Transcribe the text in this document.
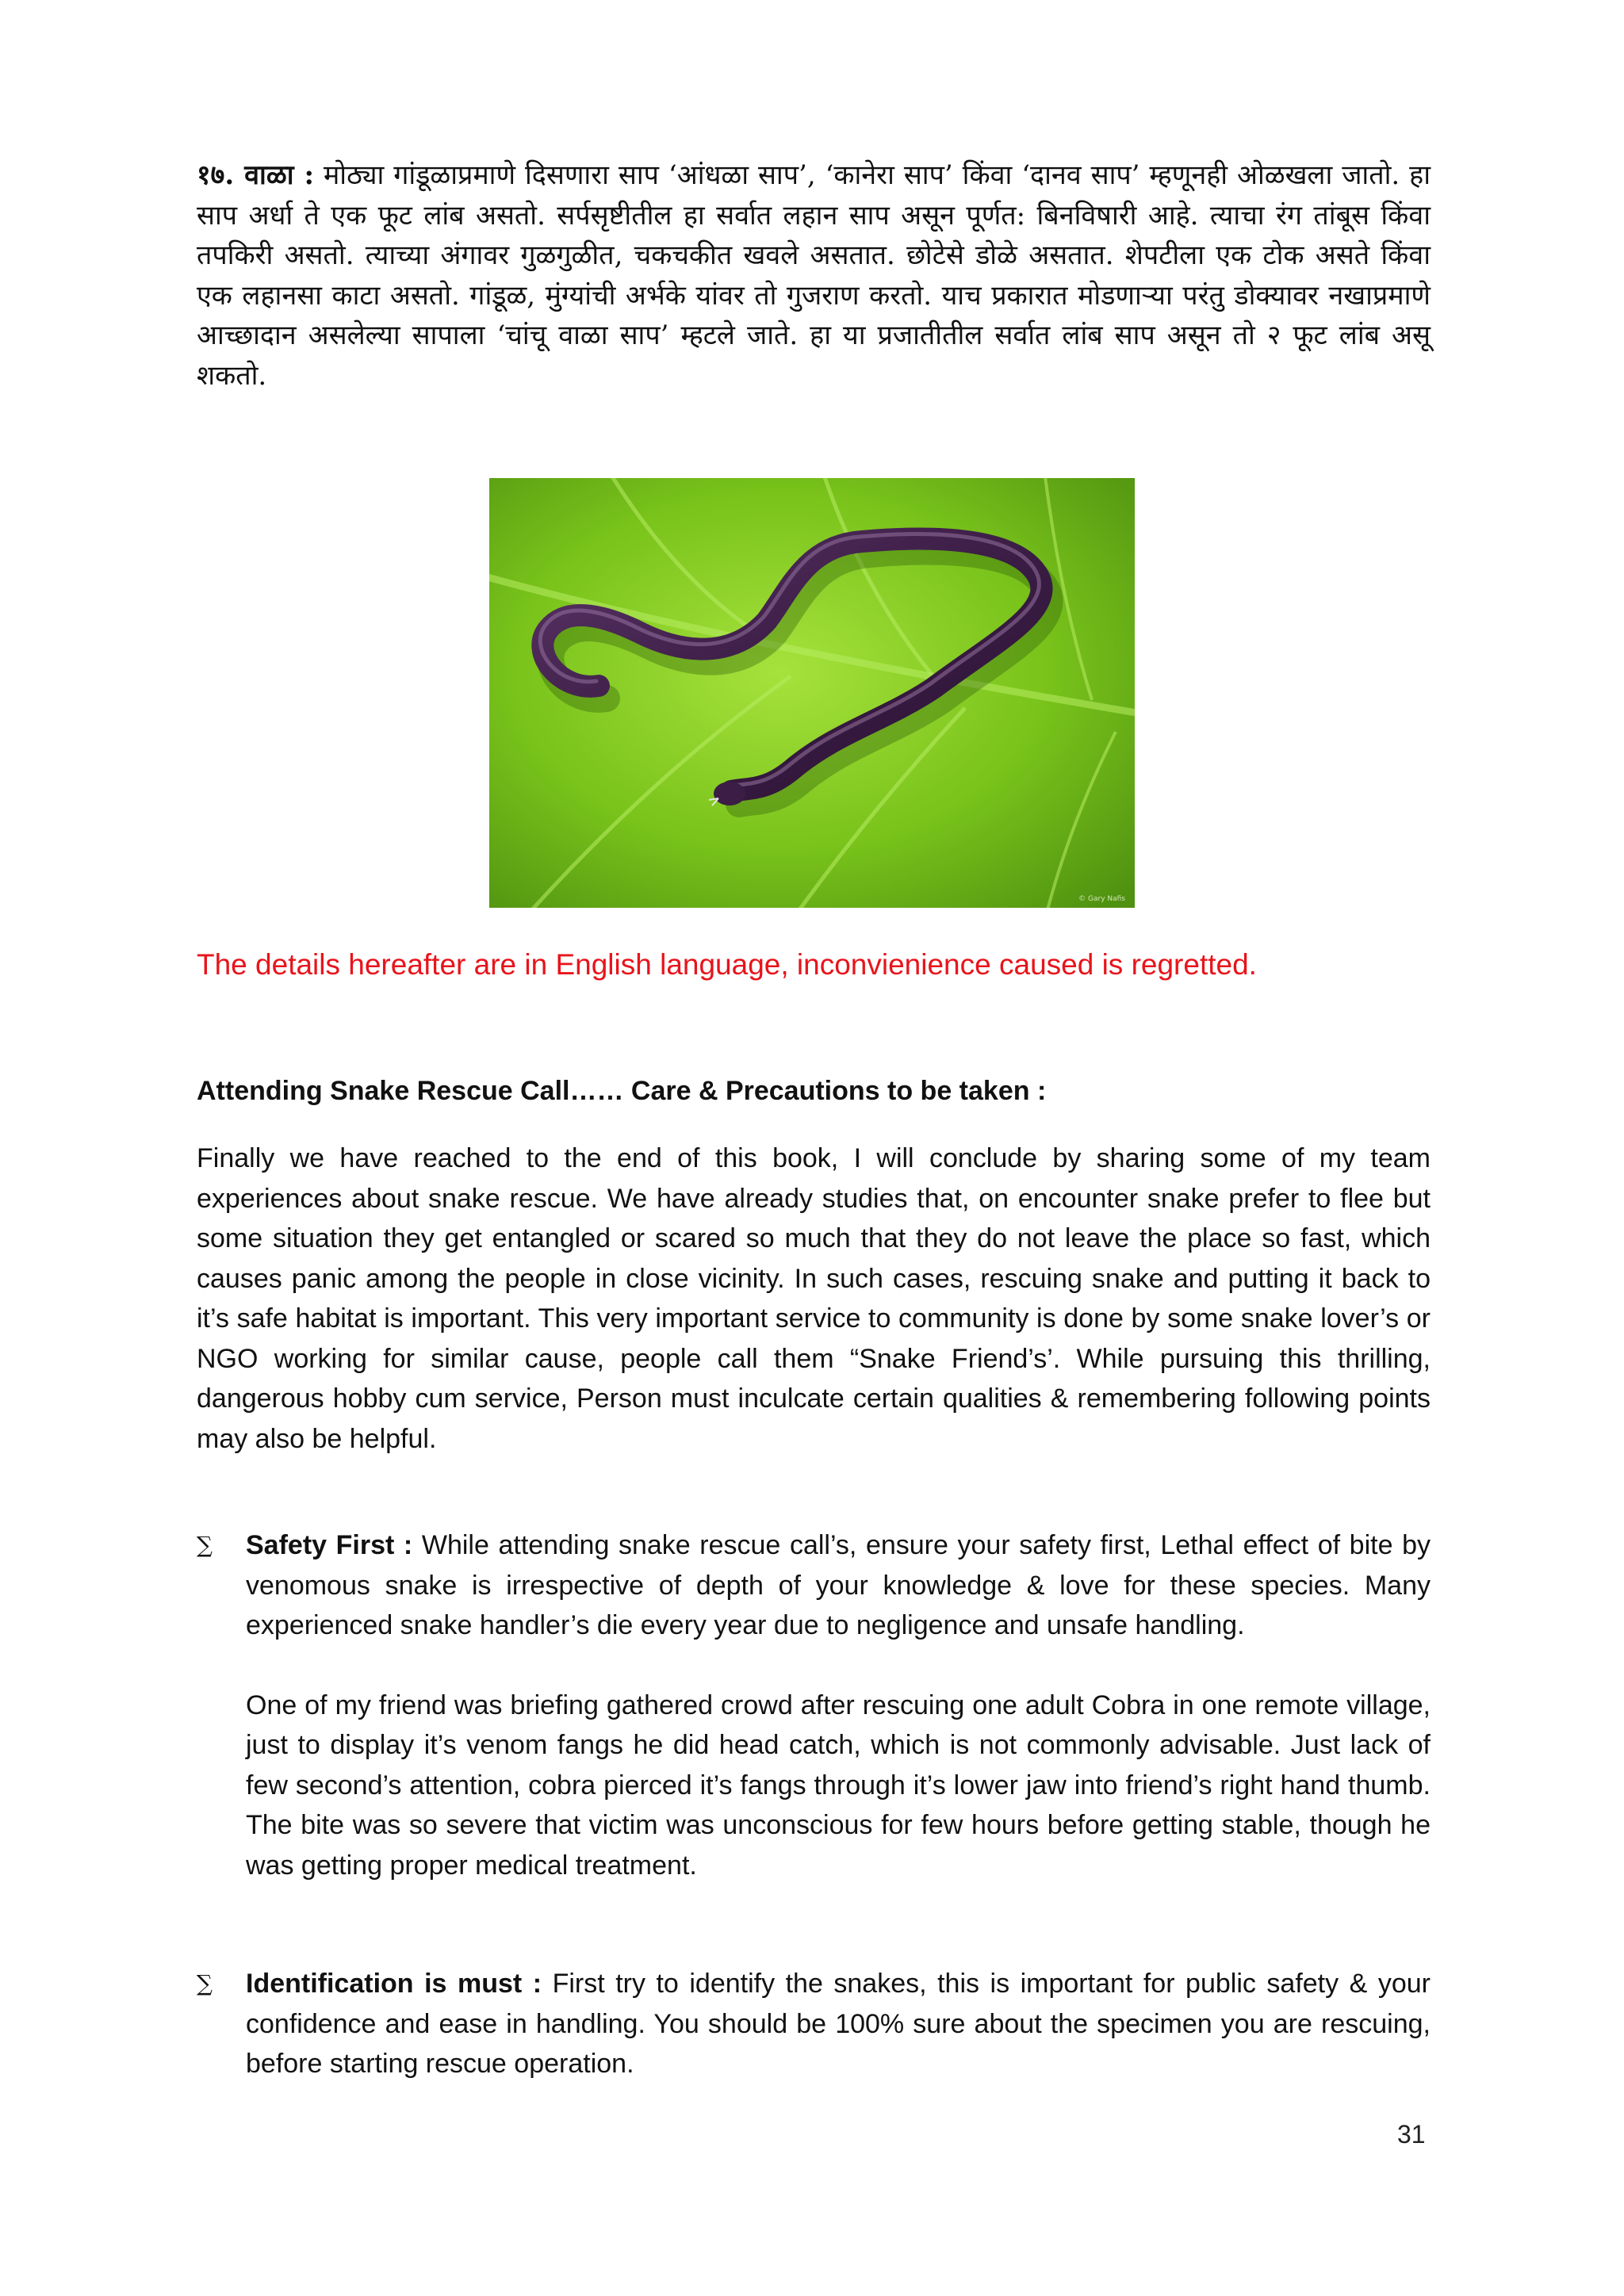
१७. वाळा : मोठ्या गांडूळाप्रमाणे दिसणारा साप ‘आंधळा साप’, ‘कानेरा साप’ किंवा ‘दानव साप’ म्हणूनही ओळखला जातो. हा साप अर्धा ते एक फूट लांब असतो. सर्पसृष्टीतील हा सर्वात लहान साप असून पूर्णत: बिनविषारी आहे. त्याचा रंग तांबूस किंवा तपकिरी असतो. त्याच्या अंगावर गुळगुळीत, चकचकीत खवले असतात. छोटेसे डोळे असतात. शेपटीला एक टोक असते किंवा एक लहानसा काटा असतो. गांडूळ, मुंग्यांची अर्भके यांवर तो गुजराण करतो. याच प्रकारात मोडणाऱ्या परंतु डोक्यावर नखाप्रमाणे आच्छादान असलेल्या सापाला ‘चांचू वाळा साप’ म्हटले जाते. हा या प्रजातीतील सर्वात लांब साप असून तो २ फूट लांब असू शकतो.

© Gary Nafis

The details hereafter are in English language, inconvienience caused is regretted.

Attending Snake Rescue Call…… Care & Precautions to be taken :

Finally we have reached to the end of this book, I will conclude by sharing some of my team experiences about snake rescue. We have already studies that, on encounter snake prefer to flee but some situation they get entangled or scared so much that they do not leave the place so fast, which causes panic among the people in close vicinity. In such cases, rescuing snake and putting it back to it’s safe habitat is important. This very important service to community is done by some snake lover’s or NGO working for similar cause, people call them “Snake Friend’s’. While pursuing this thrilling, dangerous hobby cum service, Person must inculcate certain qualities & remembering following points may also be helpful.

∑ Safety First : While attending snake rescue call’s, ensure your safety first, Lethal effect of bite by venomous snake is irrespective of depth of your knowledge & love for these species. Many experienced snake handler’s die every year due to negligence and unsafe handling.

One of my friend was briefing gathered crowd after rescuing one adult Cobra in one remote village, just to display it’s venom fangs he did head catch, which is not commonly advisable. Just lack of few second’s attention, cobra pierced it’s fangs through it’s lower jaw into friend’s right hand thumb. The bite was so severe that victim was unconscious for few hours before getting stable, though he was getting proper medical treatment.

∑ Identification is must : First try to identify the snakes, this is important for public safety & your confidence and ease in handling. You should be 100% sure about the specimen you are rescuing, before starting rescue operation.

31
